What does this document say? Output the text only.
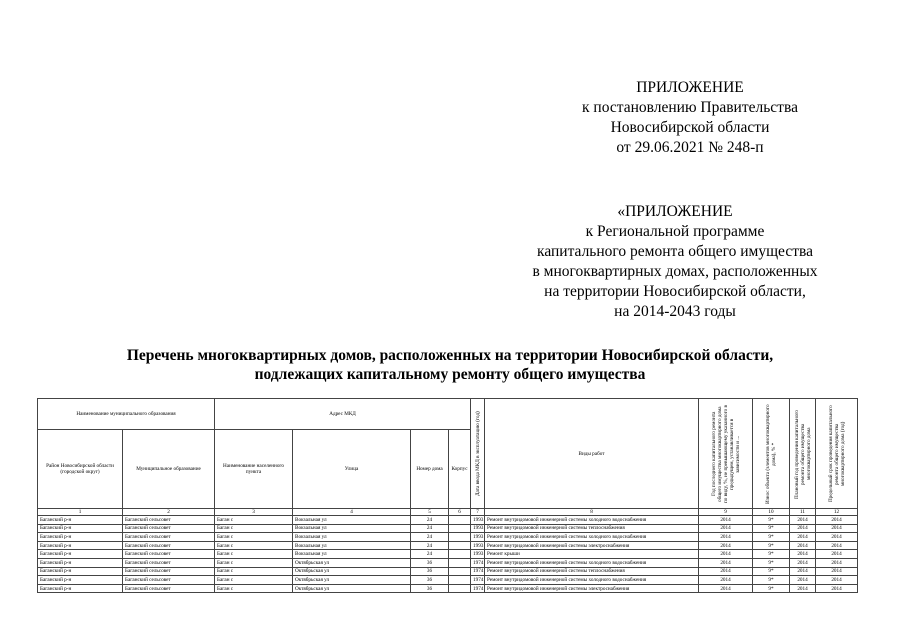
ПРИЛОЖЕНИЕ
к постановлению Правительства
Новосибирской области
от 29.06.2021 № 248-п
«ПРИЛОЖЕНИЕ
к Региональной программе
капитального ремонта общего имущества
в многоквартирных домах, расположенных
на территории Новосибирской области,
на 2014-2043 годы
Перечень многоквартирных домов, расположенных на территории Новосибирской области,
подлежащих капитальному ремонту общего имущества
Наименование муниципального образования		Адрес МКД				Дата ввода МКД в эксплуатацию (год)	Виды работ	Год последнего капитального ремонта общего имущества многоквартирного дома по виду, %, не превышающему указанного в предыдущем, устанавливается в зависимости и ...	Износ объекта (элементов многоквартирного дома), % *	Плановый год проведения капитального ремонта общего имущества многоквартирного дома	Предельный срок проведения капитального ремонта общего имущества многоквартирного дома (год)

Район Новосибирской области (городской округ)	Муниципальное образование	Наименование населенного пункта	Улица	Номер дома	Корпус						
1	2	3	4	5	6	7	8	9	10	11	12
Баганский р-н	Баганский сельсовет	Баган с	Вокзальная ул	24		1993	Ремонт внутридомовой инженерной системы холодного водоснабжения	2014	9*	2014	2014
Баганский р-н	Баганский сельсовет	Баган с	Вокзальная ул	24		1993	Ремонт внутридомовой инженерной системы теплоснабжения	2014	9*	2014	2014
Баганский р-н	Баганский сельсовет	Баган с	Вокзальная ул	24		1993	Ремонт внутридомовой инженерной системы холодного водоснабжения	2014	9*	2014	2014
Баганский р-н	Баганский сельсовет	Баган с	Вокзальная ул	24		1993	Ремонт внутридомовой инженерной системы электроснабжения	2014	9*	2014	2014
Баганский р-н	Баганский сельсовет	Баган с	Вокзальная ул	24		1993	Ремонт крыши	2014	9*	2014	2014
Баганский р-н	Баганский сельсовет	Баган с	Октябрьская ул	36		1974	Ремонт внутридомовой инженерной системы холодного водоснабжения	2014	9*	2014	2014
Баганский р-н	Баганский сельсовет	Баган с	Октябрьская ул	36		1974	Ремонт внутридомовой инженерной системы теплоснабжения	2014	9*	2014	2014
Баганский р-н	Баганский сельсовет	Баган с	Октябрьская ул	36		1974	Ремонт внутридомовой инженерной системы холодного водоснабжения	2014	9*	2014	2014
Баганский р-н	Баганский сельсовет	Баган с	Октябрьская ул	36		1974	Ремонт внутридомовой инженерной системы электроснабжения	2014	9*	2014	2014
